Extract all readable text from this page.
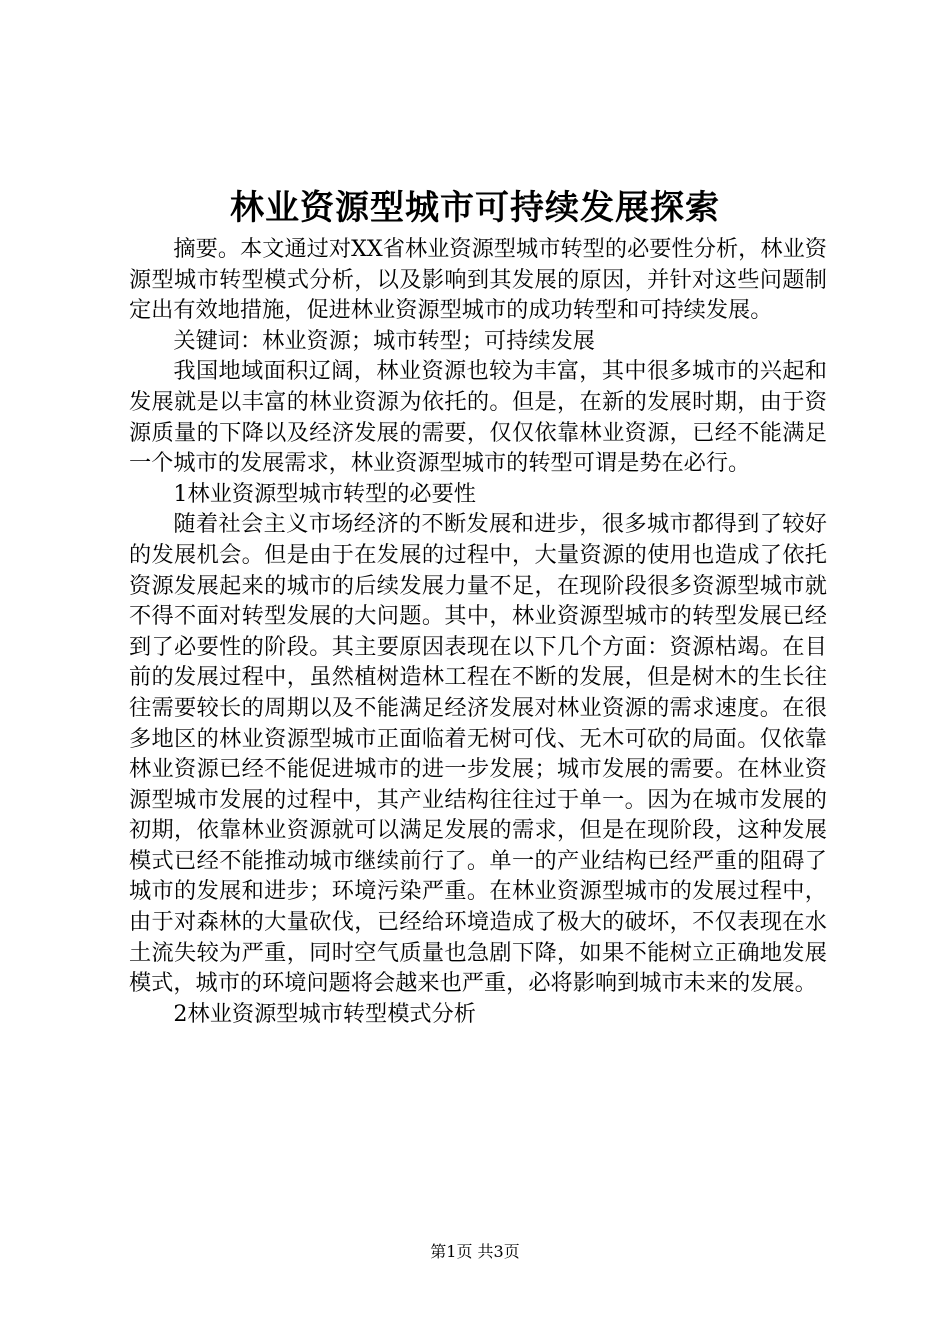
林业资源型城市可持续发展探索

摘要。本文通过对XX省林业资源型城市转型的必要性分析，林业资源型城市转型模式分析，以及影响到其发展的原因，并针对这些问题制定出有效地措施，促进林业资源型城市的成功转型和可持续发展。

关键词：林业资源；城市转型；可持续发展

我国地域面积辽阔，林业资源也较为丰富，其中很多城市的兴起和发展就是以丰富的林业资源为依托的。但是，在新的发展时期，由于资源质量的下降以及经济发展的需要，仅仅依靠林业资源，已经不能满足一个城市的发展需求，林业资源型城市的转型可谓是势在必行。

1林业资源型城市转型的必要性

随着社会主义市场经济的不断发展和进步，很多城市都得到了较好的发展机会。但是由于在发展的过程中，大量资源的使用也造成了依托资源发展起来的城市的后续发展力量不足，在现阶段很多资源型城市就不得不面对转型发展的大问题。其中，林业资源型城市的转型发展已经到了必要性的阶段。其主要原因表现在以下几个方面：资源枯竭。在目前的发展过程中，虽然植树造林工程在不断的发展，但是树木的生长往往需要较长的周期以及不能满足经济发展对林业资源的需求速度。在很多地区的林业资源型城市正面临着无树可伐、无木可砍的局面。仅依靠林业资源已经不能促进城市的进一步发展；城市发展的需要。在林业资源型城市发展的过程中，其产业结构往往过于单一。因为在城市发展的初期，依靠林业资源就可以满足发展的需求，但是在现阶段，这种发展模式已经不能推动城市继续前行了。单一的产业结构已经严重的阻碍了城市的发展和进步；环境污染严重。在林业资源型城市的发展过程中，由于对森林的大量砍伐，已经给环境造成了极大的破坏，不仅表现在水土流失较为严重，同时空气质量也急剧下降，如果不能树立正确地发展模式，城市的环境问题将会越来也严重，必将影响到城市未来的发展。

2林业资源型城市转型模式分析

第1页 共3页
